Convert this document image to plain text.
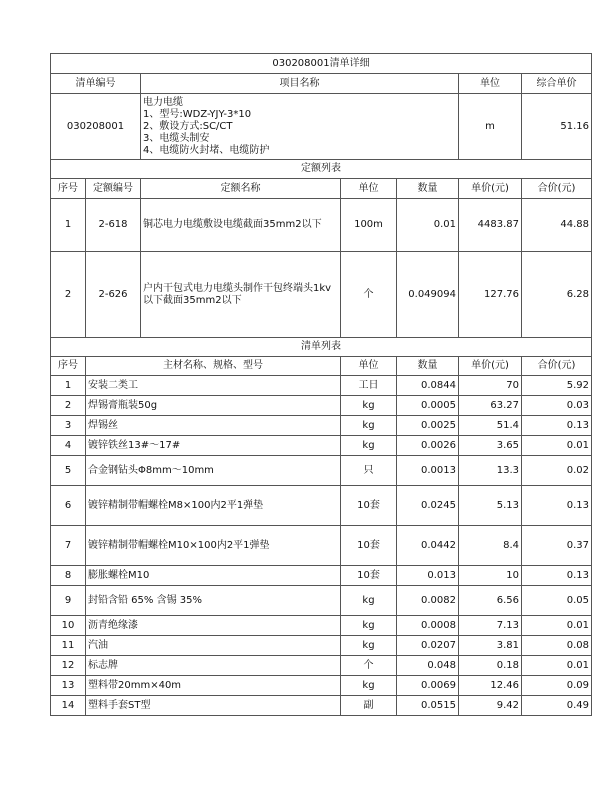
030208001清单详细						
清单编号		项目名称			单位	综合单价
030208001		电力电缆
1、型号:WDZ-YJY-3*10
2、敷设方式:SC/CT
3、电缆头制安
4、电缆防火封堵、电缆防护			m	51.16
定额列表						
序号	定额编号	定额名称	单位	数量	单价(元)	合价(元)
1	2-618	铜芯电力电缆敷设电缆截面35mm2以下	100m	0.01	4483.87	44.88
2	2-626	户内干包式电力电缆头制作干包终端头1kv以下截面35mm2以下	个	0.049094	127.76	6.28
清单列表						
序号	主材名称、规格、型号		单位	数量	单价(元)	合价(元)
1	安装二类工		工日	0.0844	70	5.92
2	焊锡膏瓶装50g		kg	0.0005	63.27	0.03
3	焊锡丝		kg	0.0025	51.4	0.13
4	镀锌铁丝13#～17#		kg	0.0026	3.65	0.01
5	合金钢钻头Φ8mm～10mm		只	0.0013	13.3	0.02
6	镀锌精制带帽螺栓M8×100内2平1弹垫		10套	0.0245	5.13	0.13
7	镀锌精制带帽螺栓M10×100内2平1弹垫		10套	0.0442	8.4	0.37
8	膨胀螺栓M10		10套	0.013	10	0.13
9	封铅含铅 65% 含锡 35%		kg	0.0082	6.56	0.05
10	沥青绝缘漆		kg	0.0008	7.13	0.01
11	汽油		kg	0.0207	3.81	0.08
12	标志牌		个	0.048	0.18	0.01
13	塑料带20mm×40m		kg	0.0069	12.46	0.09
14	塑料手套ST型		副	0.0515	9.42	0.49
